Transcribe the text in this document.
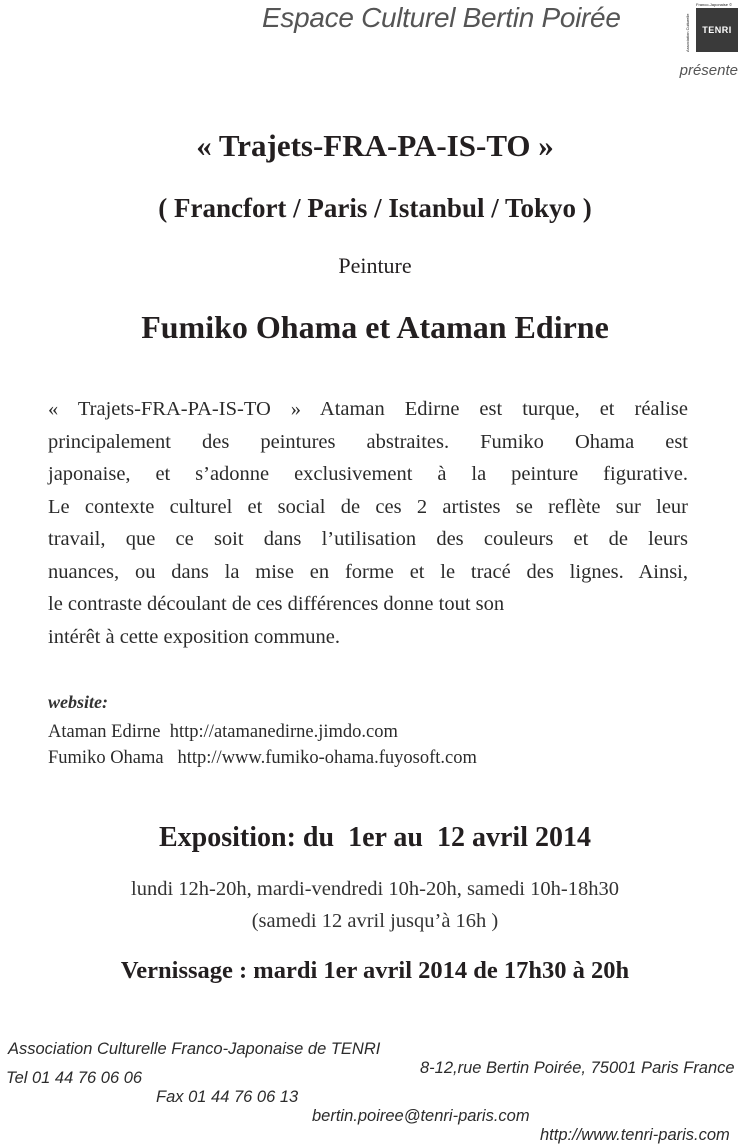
Espace Culturel Bertin Poirée	Association Culturelle
Franco-Japonaise ©
TENRI
présente
« Trajets-FRA-PA-IS-TO »
( Francfort / Paris / Istanbul / Tokyo )
Peinture
Fumiko Ohama et Ataman Edirne
« Trajets-FRA-PA-IS-TO » Ataman Edirne est turque, et réalise
principalement des peintures abstraites. Fumiko Ohama est
japonaise, et s’adonne exclusivement à la peinture figurative.
Le contexte culturel et social de ces 2 artistes se reflète sur leur
travail, que ce soit dans l’utilisation des couleurs et de leurs
nuances, ou dans la mise en forme et le tracé des lignes. Ainsi,
le contraste découlant de ces différences donne tout son
intérêt à cette exposition commune.
website:
Ataman Edirne http://atamanedirne.jimdo.com
Fumiko Ohama http://www.fumiko-ohama.fuyosoft.com
Exposition: du  1er au  12 avril 2014
lundi 12h-20h, mardi-vendredi 10h-20h, samedi 10h-18h30
(samedi 12 avril jusqu’à 16h )
Vernissage : mardi 1er avril 2014 de 17h30 à 20h

Association Culturelle Franco-Japonaise de TENRI

8-12,rue Bertin Poirée, 75001 Paris France

Tel 01 44 76 06 06

Fax 01 44 76 06 13

bertin.poiree@tenri-paris.com

http://www.tenri-paris.com
